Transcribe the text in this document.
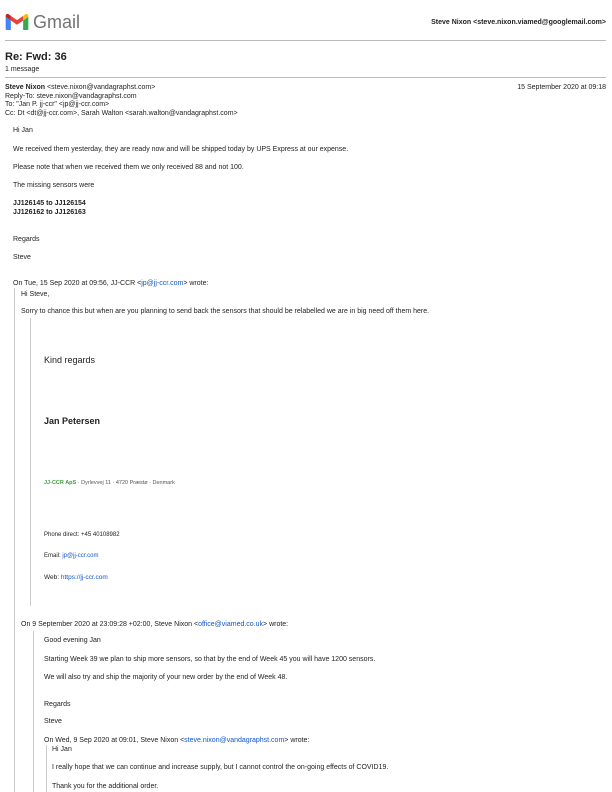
Gmail	Steve Nixon <steve.nixon.viamed@googlemail.com>
Re: Fwd: 36
1 message
Steve Nixon <steve.nixon@vandagraphst.com>	15 September 2020 at 09:18
Reply-To: steve.nixon@vandagraphst.com
To: "Jan P. jj-ccr" <jp@jj-ccr.com>
Cc: Dt <dt@jj-ccr.com>, Sarah Walton <sarah.walton@vandagraphst.com>
Hi Jan
We received them yesterday, they are ready now and will be shipped today by UPS Express at our expense.
Please note that when we received them we only received 88 and not 100.
The missing sensors were
JJ126145 to JJ126154
JJ126162 to JJ126163
Regards
Steve
On Tue, 15 Sep 2020 at 09:56, JJ-CCR <jp@jj-ccr.com> wrote:
Hi Steve,
Sorry to chance this but when are you planning to send back the sensors that should be relabelled we are in big need off them here.
Kind regards
Jan Petersen
JJ-CCR ApS · Dyrlevvej 11 · 4720 Præstø · Denmark
Phone direct: +45 40108982
Email: jp@jj-ccr.com
Web: https://jj-ccr.com
On 9 September 2020 at 23:09:28 +02:00, Steve Nixon <office@viamed.co.uk> wrote:
Good evening Jan
Starting Week 39 we plan to ship more sensors, so that by the end of Week 45 you will have 1200 sensors.
We will also try and ship the majority of your new order by the end of Week 48.
Regards
Steve
On Wed, 9 Sep 2020 at 09:01, Steve Nixon <steve.nixon@vandagraphst.com> wrote:
Hi Jan
I really hope that we can continue and increase supply, but I cannot control the on-going effects of COVID19.
Thank you for the additional order.
